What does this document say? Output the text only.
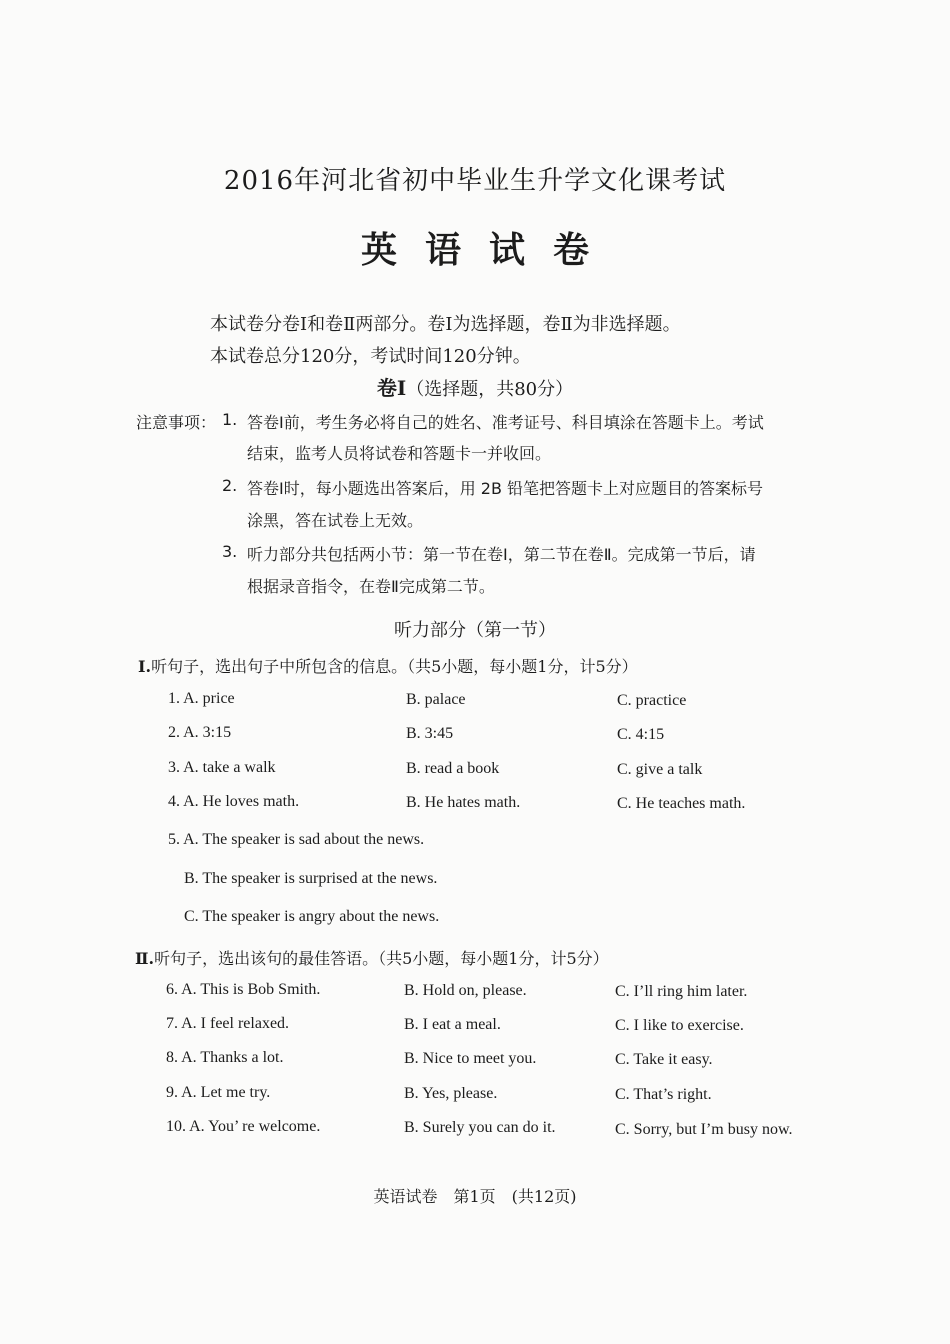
2016年河北省初中毕业生升学文化课考试
英语试卷
本试卷分卷Ⅰ和卷Ⅱ两部分。卷Ⅰ为选择题，卷Ⅱ为非选择题。
本试卷总分120分，考试时间120分钟。
卷Ⅰ（选择题，共80分）
注意事项： 1. 答卷Ⅰ前，考生务必将自己的姓名、准考证号、科目填涂在答题卡上。考试
结束，监考人员将试卷和答题卡一并收回。
2. 答卷Ⅰ时，每小题选出答案后，用 2B 铅笔把答题卡上对应题目的答案标号
涂黑，答在试卷上无效。
3. 听力部分共包括两小节：第一节在卷Ⅰ，第二节在卷Ⅱ。完成第一节后，请
根据录音指令，在卷Ⅱ完成第二节。
听力部分（第一节）
Ⅰ.听句子，选出句子中所包含的信息。（共5小题，每小题1分，计5分）
1. A. price	B. palace	C. practice
2. A. 3:15	B. 3:45	C. 4:15
3. A. take a walk	B. read a book	C. give a talk
4. A. He loves math.	B. He hates math.	C. He teaches math.
5. A. The speaker is sad about the news.
B. The speaker is surprised at the news.
C. The speaker is angry about the news.
Ⅱ.听句子，选出该句的最佳答语。（共5小题，每小题1分，计5分）
6. A. This is Bob Smith.	B. Hold on, please.	C. I’ll ring him later.
7. A. I feel relaxed.	B. I eat a meal.	C. I like to exercise.
8. A. Thanks a lot.	B. Nice to meet you.	C. Take it easy.
9. A. Let me try.	B. Yes, please.	C. That’s right.
10. A. You’ re welcome.	B. Surely you can do it.	C. Sorry, but I’m busy now.
英语试卷　第1页　(共12页)
